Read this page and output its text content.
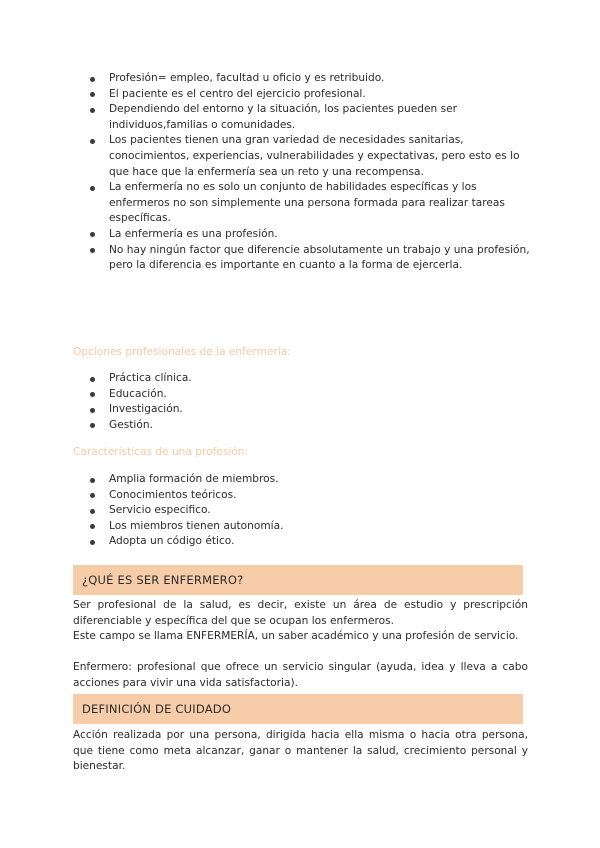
Profesión= empleo, facultad u oficio y es retribuido.
El paciente es el centro del ejercicio profesional.
Dependiendo del entorno y la situación, los pacientes pueden ser individuos,familias o comunidades.
Los pacientes tienen una gran variedad de necesidades sanitarias, conocimientos, experiencias, vulnerabilidades y expectativas, pero esto es lo que hace que la enfermería sea un reto y una recompensa.
La enfermería no es solo un conjunto de habilidades específicas y los enfermeros no son simplemente una persona formada para realizar tareas específicas.
La enfermería es una profesión.
No hay ningún factor que diferencie absolutamente un trabajo y una profesión, pero la diferencia es importante en cuanto a la forma de ejercerla.

Opciones profesionales de la enfermería:

Práctica clínica.
Educación.
Investigación.
Gestión.

Características de una profesión:

Amplia formación de miembros.
Conocimientos teóricos.
Servicio especifico.
Los miembros tienen autonomía.
Adopta un código ético.
¿QUÉ ES SER ENFERMERO?

Ser profesional de la salud, es decir, existe un área de estudio y prescripción diferenciable y específica del que se ocupan los enfermeros.

Este campo se llama ENFERMERÍA, un saber académico y una profesión de servicio.

Enfermero: profesional que ofrece un servicio singular (ayuda, idea y lleva a cabo acciones para vivir una vida satisfactoria).

DEFINICIÓN DE CUIDADO

Acción realizada por una persona, dirigida hacia ella misma o hacia otra persona, que tiene como meta alcanzar, ganar o mantener la salud, crecimiento personal y bienestar.
